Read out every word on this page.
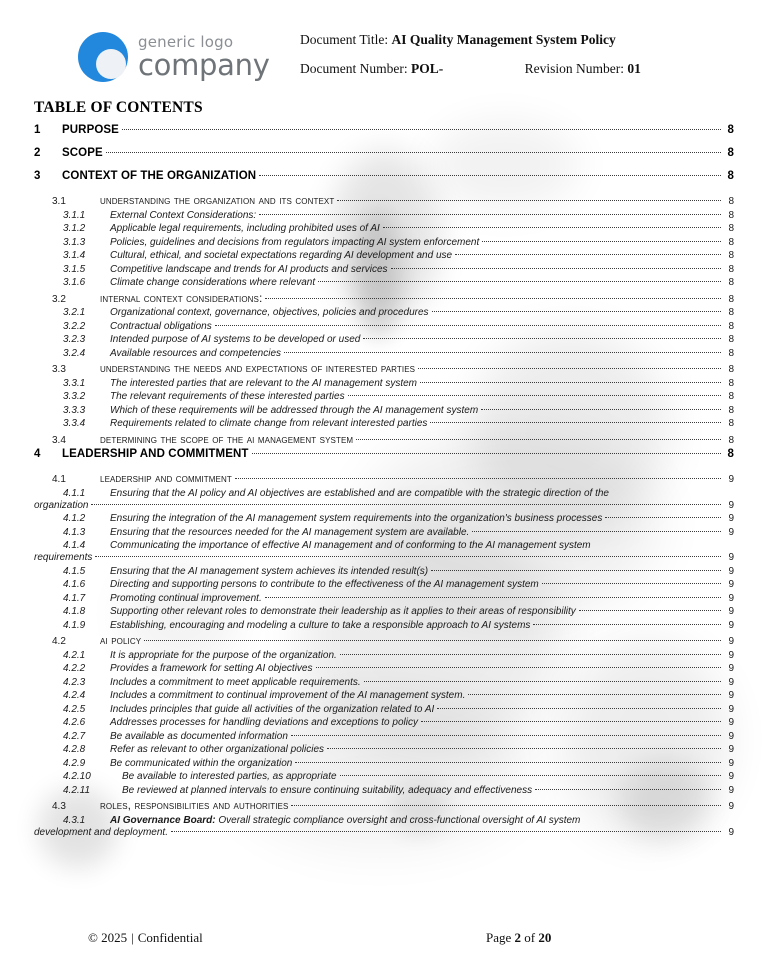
generic logo
company
Document Title: AI Quality Management System Policy
Document Number: POL-	Revision Number: 01
TABLE OF CONTENTS
1	PURPOSE	8
2	SCOPE	8
3	CONTEXT OF THE ORGANIZATION	8
3.1	understanding the organization and its context	8
3.1.1	External Context Considerations:	8
3.1.2	Applicable legal requirements, including prohibited uses of AI	8
3.1.3	Policies, guidelines and decisions from regulators impacting AI system enforcement	8
3.1.4	Cultural, ethical, and societal expectations regarding AI development and use	8
3.1.5	Competitive landscape and trends for AI products and services	8
3.1.6	Climate change considerations where relevant	8
3.2	internal context considerations:	8
3.2.1	Organizational context, governance, objectives, policies and procedures	8
3.2.2	Contractual obligations	8
3.2.3	Intended purpose of AI systems to be developed or used	8
3.2.4	Available resources and competencies	8
3.3	understanding the needs and expectations of interested parties	8
3.3.1	The interested parties that are relevant to the AI management system	8
3.3.2	The relevant requirements of these interested parties	8
3.3.3	Which of these requirements will be addressed through the AI management system	8
3.3.4	Requirements related to climate change from relevant interested parties	8
3.4	determining the scope of the ai management system	8
4	LEADERSHIP AND COMMITMENT	8
4.1	leadership and commitment	9
4.1.1	Ensuring that the AI policy and AI objectives are established and are compatible with the strategic direction of the
organization	9
4.1.2	Ensuring the integration of the AI management system requirements into the organization's business processes	9
4.1.3	Ensuring that the resources needed for the AI management system are available.	9
4.1.4	Communicating the importance of effective AI management and of conforming to the AI management system
requirements	9
4.1.5	Ensuring that the AI management system achieves its intended result(s)	9
4.1.6	Directing and supporting persons to contribute to the effectiveness of the AI management system	9
4.1.7	Promoting continual improvement.	9
4.1.8	Supporting other relevant roles to demonstrate their leadership as it applies to their areas of responsibility	9
4.1.9	Establishing, encouraging and modeling a culture to take a responsible approach to AI systems	9
4.2	ai policy	9
4.2.1	It is appropriate for the purpose of the organization.	9
4.2.2	Provides a framework for setting AI objectives	9
4.2.3	Includes a commitment to meet applicable requirements.	9
4.2.4	Includes a commitment to continual improvement of the AI management system.	9
4.2.5	Includes principles that guide all activities of the organization related to AI	9
4.2.6	Addresses processes for handling deviations and exceptions to policy	9
4.2.7	Be available as documented information	9
4.2.8	Refer as relevant to other organizational policies	9
4.2.9	Be communicated within the organization	9
4.2.10	Be available to interested parties, as appropriate	9
4.2.11	Be reviewed at planned intervals to ensure continuing suitability, adequacy and effectiveness	9
4.3	roles, responsibilities and authorities	9
4.3.1	AI Governance Board: Overall strategic compliance oversight and cross-functional oversight of AI system
development and deployment.	9
© 2025 | Confidential	Page 2 of 20
